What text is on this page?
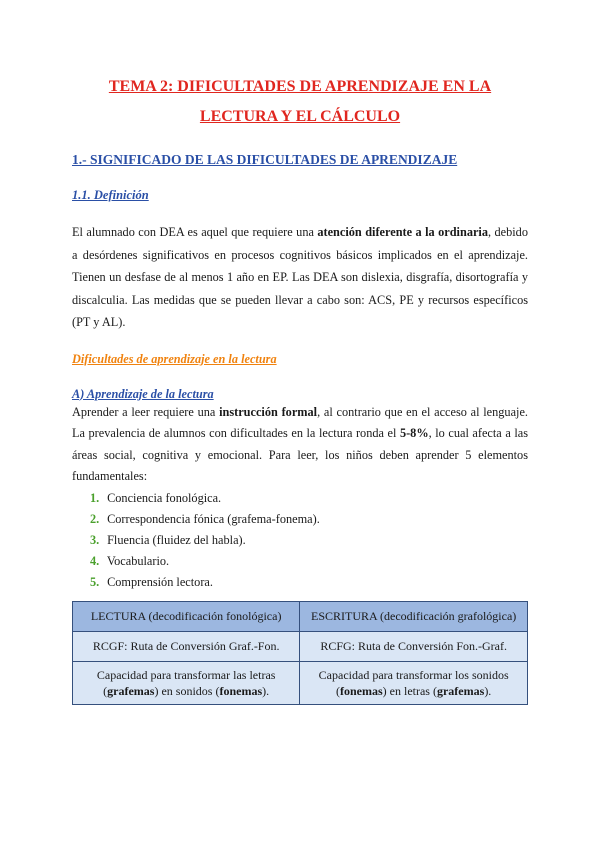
TEMA 2: DIFICULTADES DE APRENDIZAJE EN LA
LECTURA Y EL CÁLCULO
1.- SIGNIFICADO DE LAS DIFICULTADES DE APRENDIZAJE
1.1. Definición

El alumnado con DEA es aquel que requiere una atención diferente a la ordinaria, debido a desórdenes significativos en procesos cognitivos básicos implicados en el aprendizaje. Tienen un desfase de al menos 1 año en EP. Las DEA son dislexia, disgrafía, disortografía y discalculia. Las medidas que se pueden llevar a cabo son: ACS, PE y recursos específicos (PT y AL).

Dificultades de aprendizaje en la lectura
A) Aprendizaje de la lectura

Aprender a leer requiere una instrucción formal, al contrario que en el acceso al lenguaje. La prevalencia de alumnos con dificultades en la lectura ronda el 5-8%, lo cual afecta a las áreas social, cognitiva y emocional. Para leer, los niños deben aprender 5 elementos fundamentales:

1. Conciencia fonológica.
2. Correspondencia fónica (grafema-fonema).
3. Fluencia (fluidez del habla).
4. Vocabulario.
5. Comprensión lectora.
LECTURA (decodificación fonológica)	ESCRITURA (decodificación grafológica)
RCGF: Ruta de Conversión Graf.-Fon.	RCFG: Ruta de Conversión Fon.-Graf.
Capacidad para transformar las letras (grafemas) en sonidos (fonemas).	Capacidad para transformar los sonidos (fonemas) en letras (grafemas).
